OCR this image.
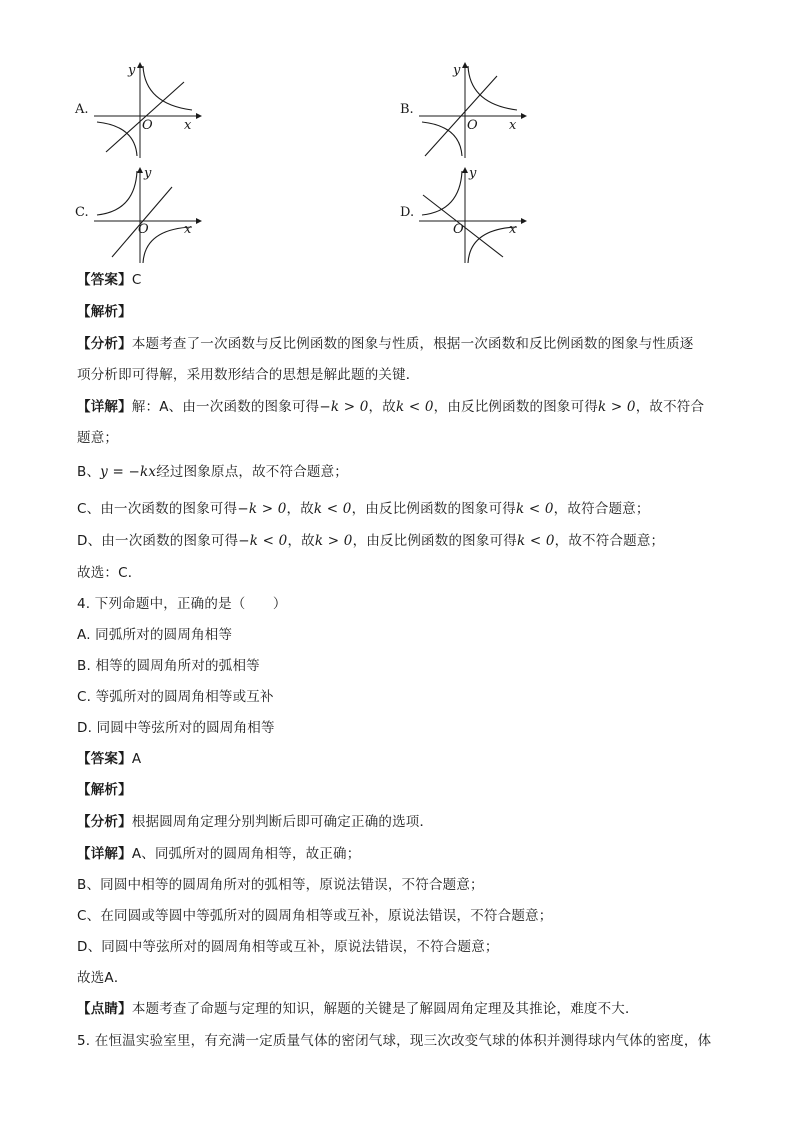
A.
y
O x
B.
y
O x
C.
y
O	x
D.
y
O	x
【答案】C
【解析】
【分析】本题考查了一次函数与反比例函数的图象与性质，根据一次函数和反比例函数的图象与性质逐
项分析即可得解，采用数形结合的思想是解此题的关键．
【详解】解：A、由一次函数的图象可得−k > 0，故k < 0，由反比例函数的图象可得k > 0，故不符合
题意；
B、y = −kx经过图象原点，故不符合题意；
C、由一次函数的图象可得−k > 0，故k < 0，由反比例函数的图象可得k < 0，故符合题意；
D、由一次函数的图象可得−k < 0，故k > 0，由反比例函数的图象可得k < 0，故不符合题意；
故选：C．
4. 下列命题中，正确的是（　　）
A. 同弧所对的圆周角相等
B. 相等的圆周角所对的弧相等
C. 等弧所对的圆周角相等或互补
D. 同圆中等弦所对的圆周角相等
【答案】A
【解析】
【分析】根据圆周角定理分别判断后即可确定正确的选项．
【详解】A、同弧所对的圆周角相等，故正确；
B、同圆中相等的圆周角所对的弧相等，原说法错误，不符合题意；
C、在同圆或等圆中等弧所对的圆周角相等或互补，原说法错误，不符合题意；
D、同圆中等弦所对的圆周角相等或互补，原说法错误，不符合题意；
故选A．
【点睛】本题考查了命题与定理的知识，解题的关键是了解圆周角定理及其推论，难度不大．
5. 在恒温实验室里，有充满一定质量气体的密闭气球，现三次改变气球的体积并测得球内气体的密度，体
